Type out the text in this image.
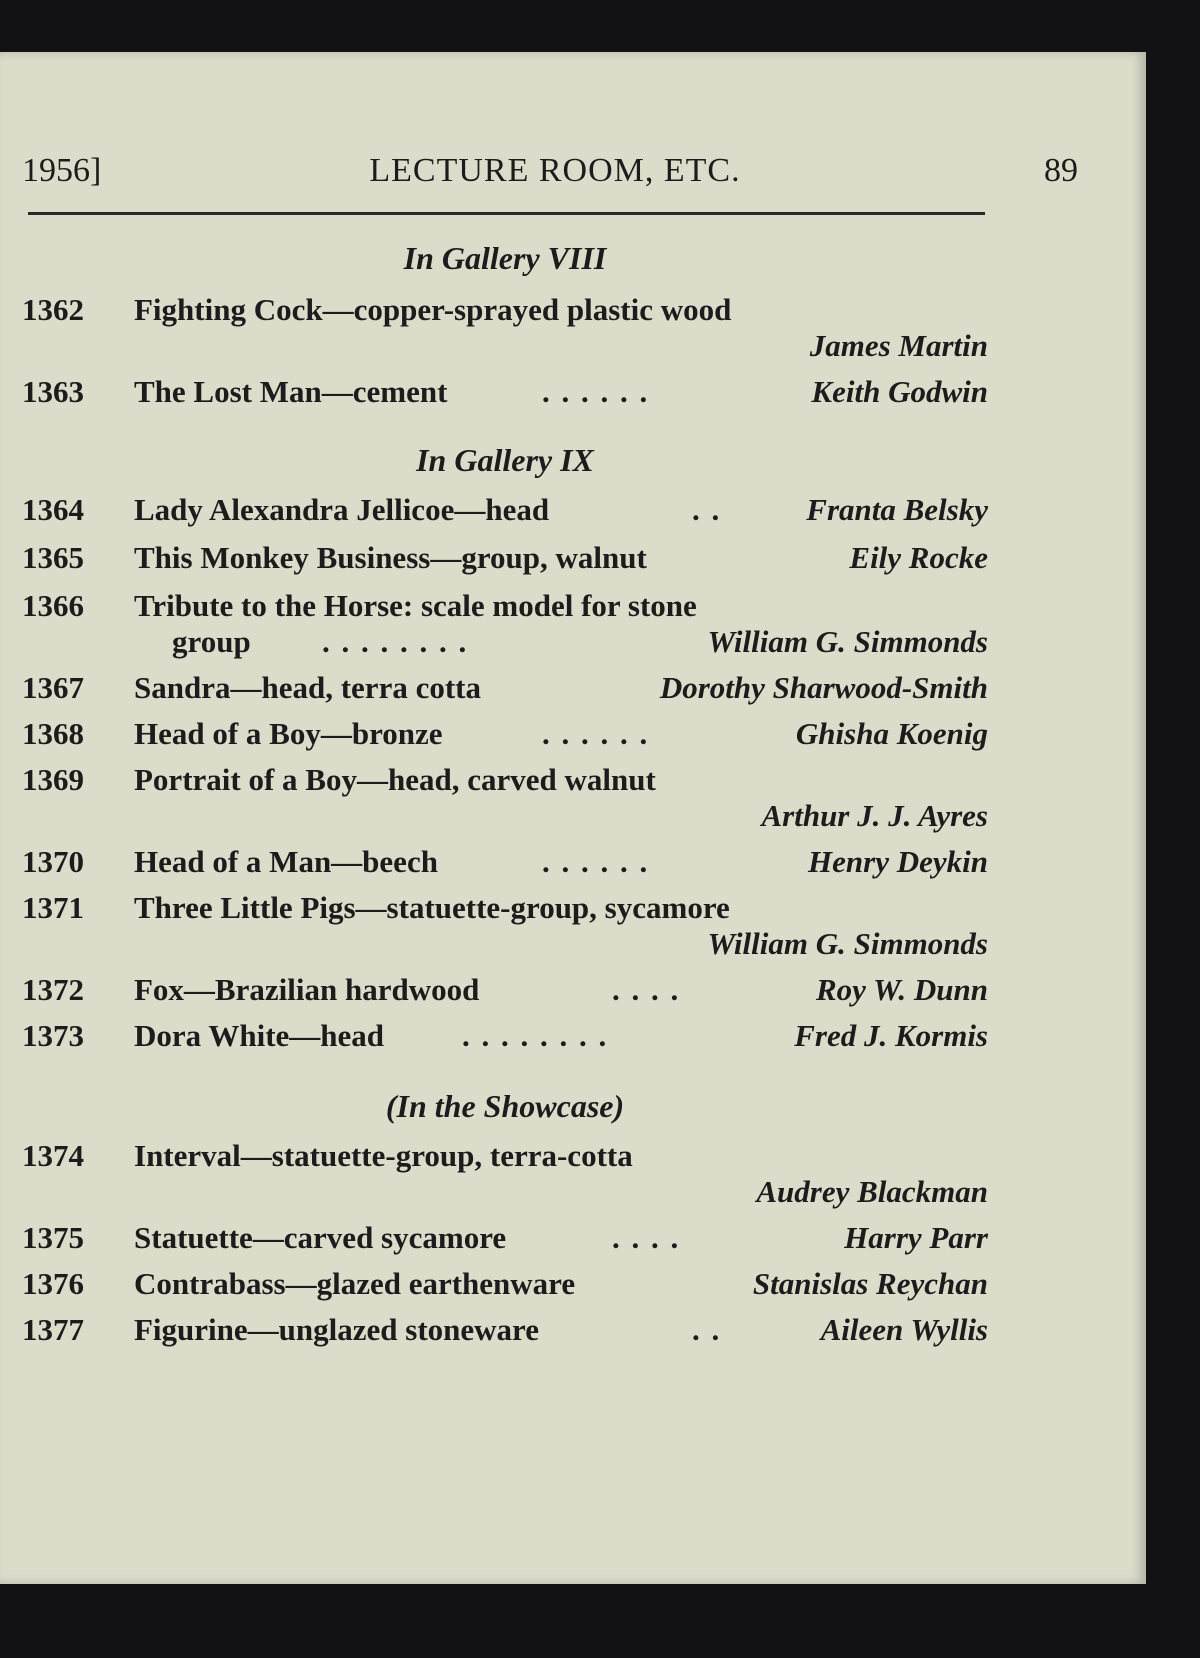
1956]	LECTURE ROOM, ETC.	89
In Gallery VIII
1362 Fighting Cock—copper-sprayed plastic wood
James Martin
1363 The Lost Man—cement	. . . . . .	Keith Godwin
In Gallery IX
1364 Lady Alexandra Jellicoe—head	. .	Franta Belsky
1365 This Monkey Business—group, walnut	Eily Rocke
1366 Tribute to the Horse: scale model for stone
group . . . . . . . .	William G. Simmonds
1367 Sandra—head, terra cotta	Dorothy Sharwood-Smith
1368 Head of a Boy—bronze	. . . . . .	Ghisha Koenig
1369 Portrait of a Boy—head, carved walnut
Arthur J. J. Ayres
1370 Head of a Man—beech	. . . . . .	Henry Deykin
1371 Three Little Pigs—statuette-group, sycamore
William G. Simmonds
1372 Fox—Brazilian hardwood	. . . .	Roy W. Dunn
1373 Dora White—head	. . . . . . . .	Fred J. Kormis
(In the Showcase)
1374 Interval—statuette-group, terra-cotta
Audrey Blackman
1375 Statuette—carved sycamore	. . . .	Harry Parr
1376 Contrabass—glazed earthenware	Stanislas Reychan
1377 Figurine—unglazed stoneware	. .	Aileen Wyllis
